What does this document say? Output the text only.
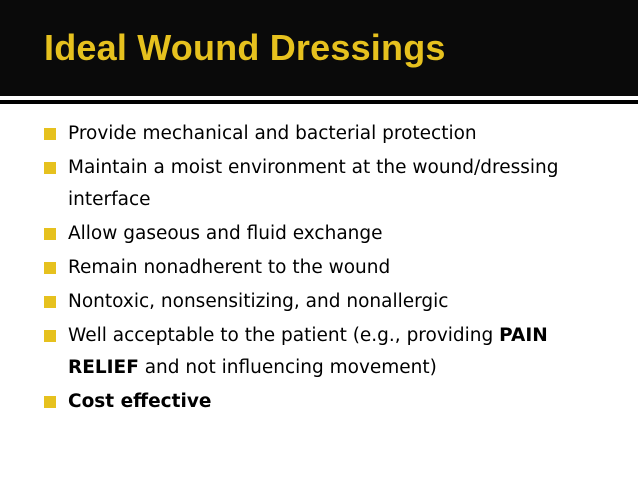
Ideal Wound Dressings
Provide mechanical and bacterial protection
Maintain a moist environment at the wound/dressing interface
Allow gaseous and fluid exchange
Remain nonadherent to the wound
Nontoxic, nonsensitizing, and nonallergic
Well acceptable to the patient (e.g., providing PAIN RELIEF and not influencing movement)
Cost effective
